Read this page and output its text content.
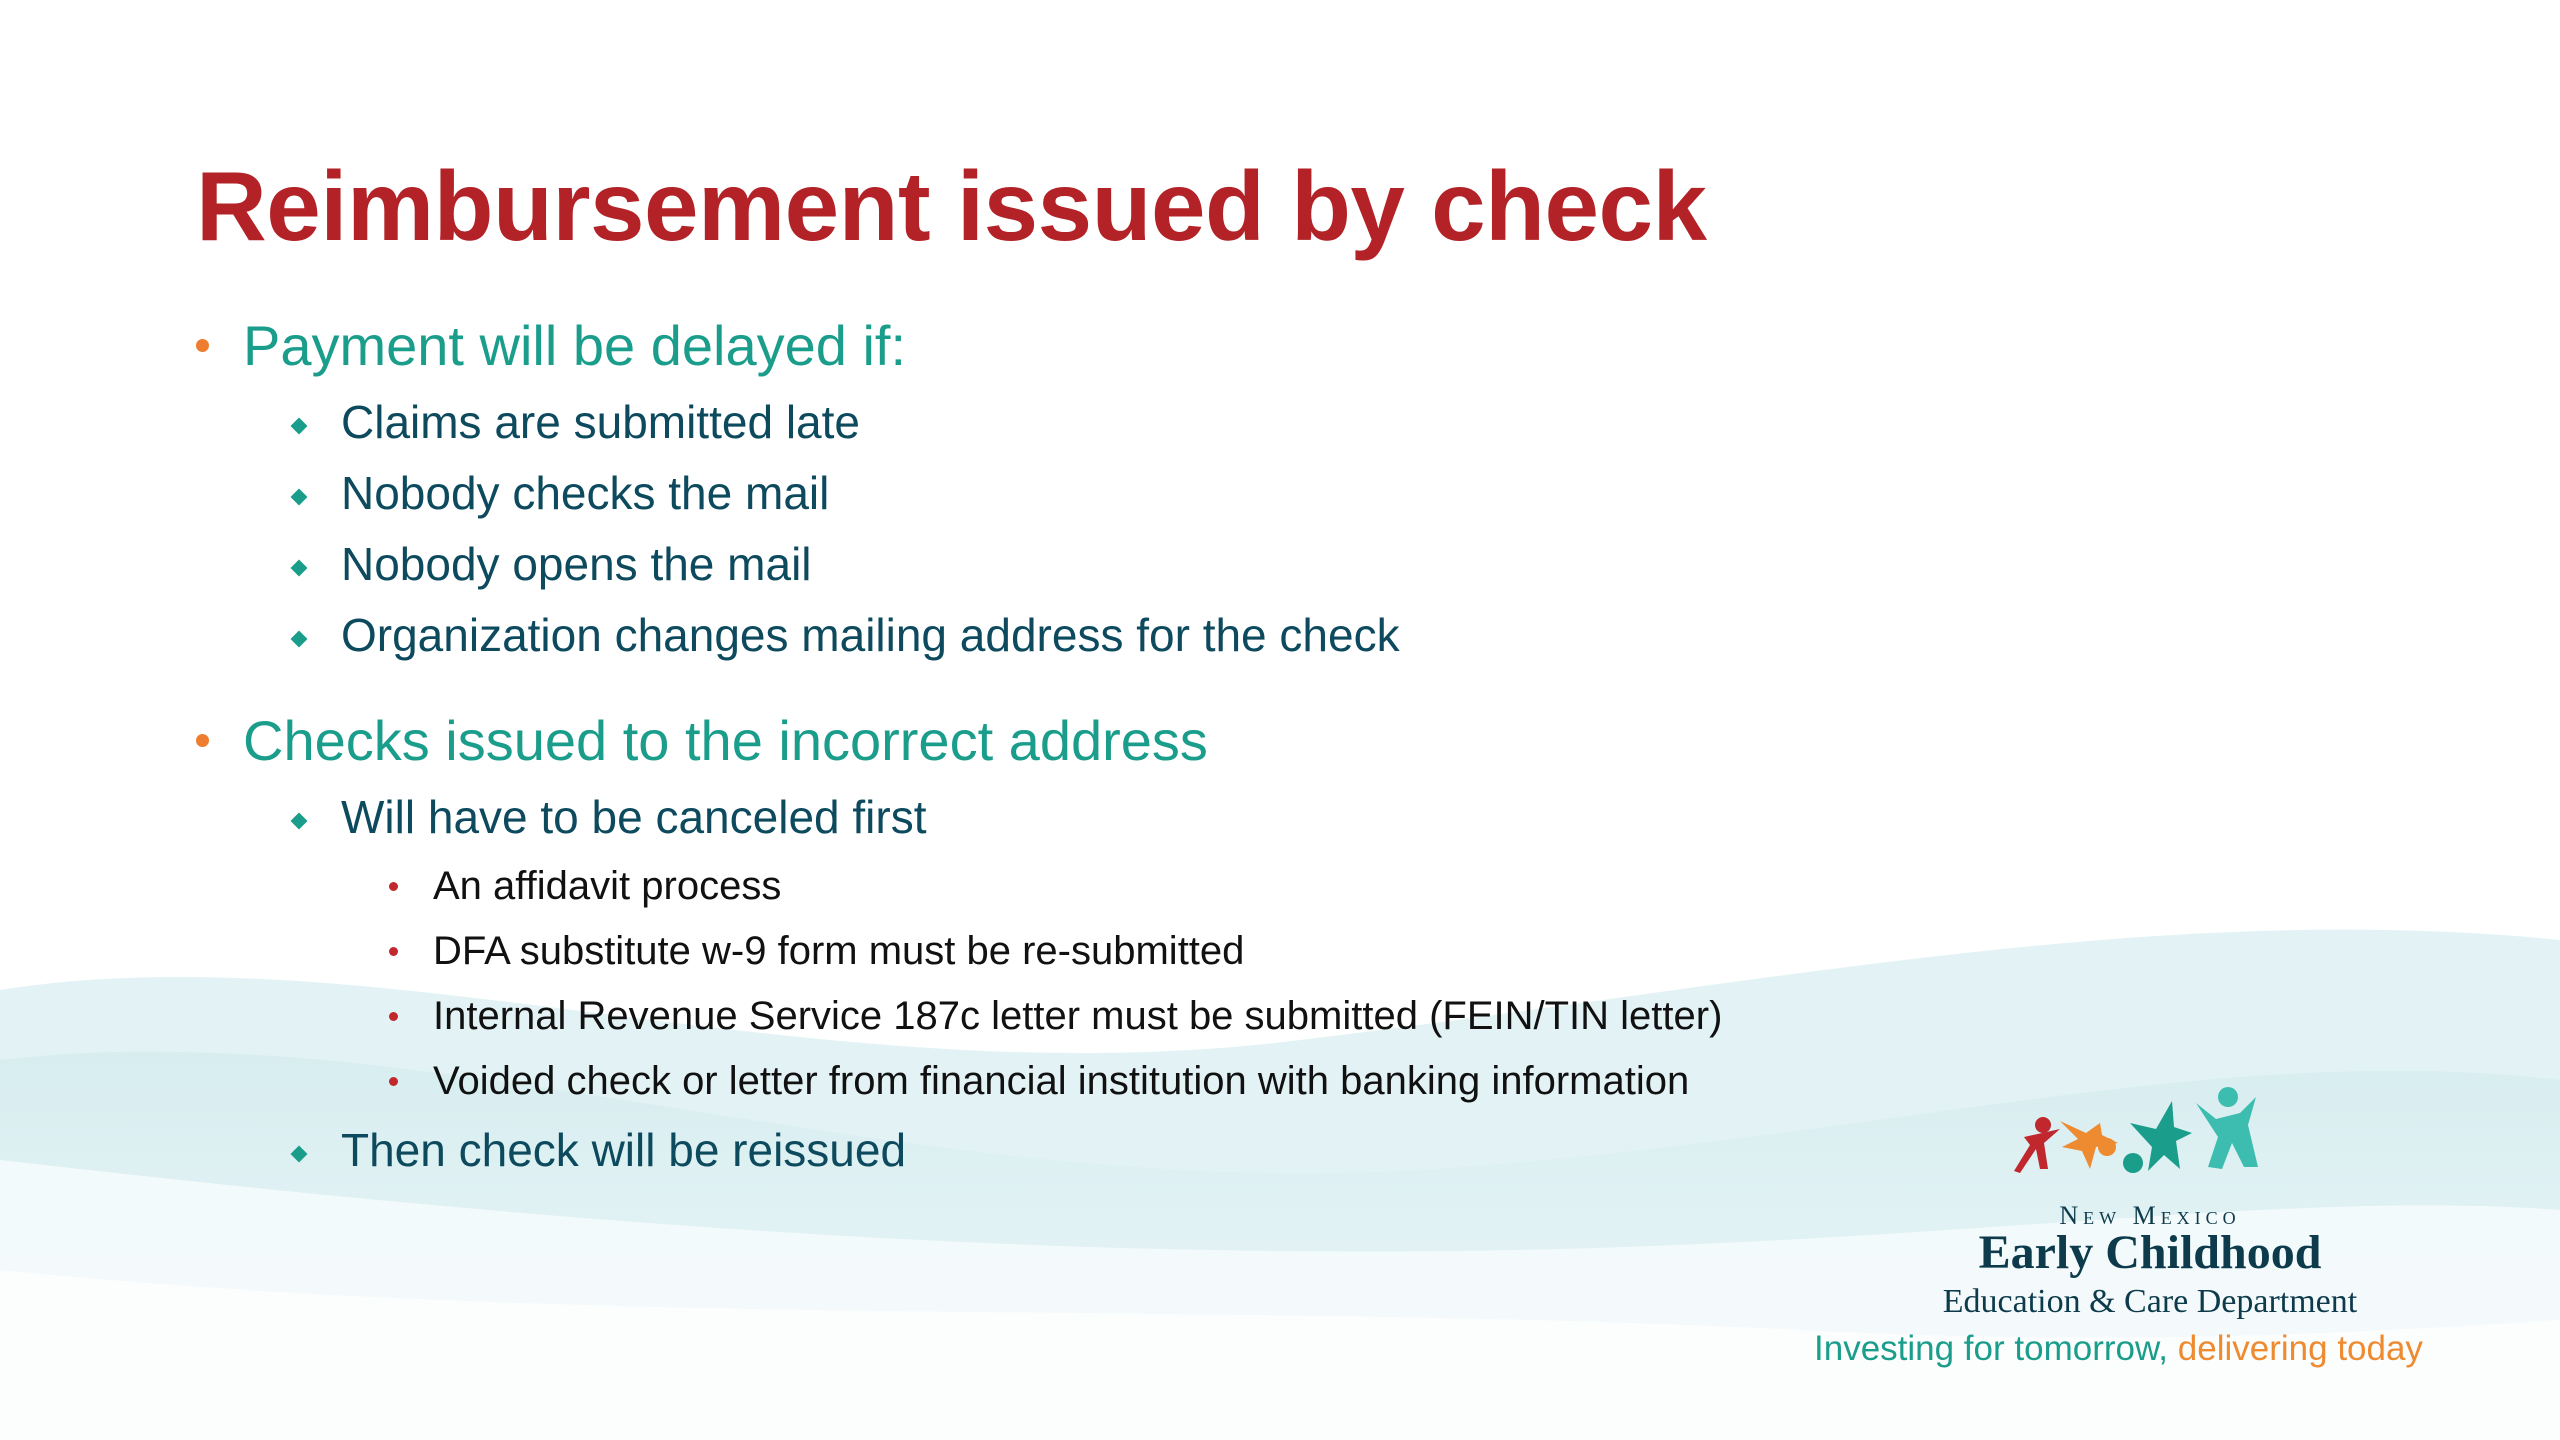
Reimbursement issued by check
Payment will be delayed if:
Claims are submitted late
Nobody checks the mail
Nobody opens the mail
Organization changes mailing address for the check
Checks issued to the incorrect address
Will have to be canceled first
An affidavit process
DFA substitute w-9 form must be re-submitted
Internal Revenue Service 187c letter must be submitted (FEIN/TIN letter)
Voided check or letter from financial institution with banking information
Then check will be reissued
New Mexico
Early Childhood
Education & Care Department
Investing for tomorrow, delivering today
